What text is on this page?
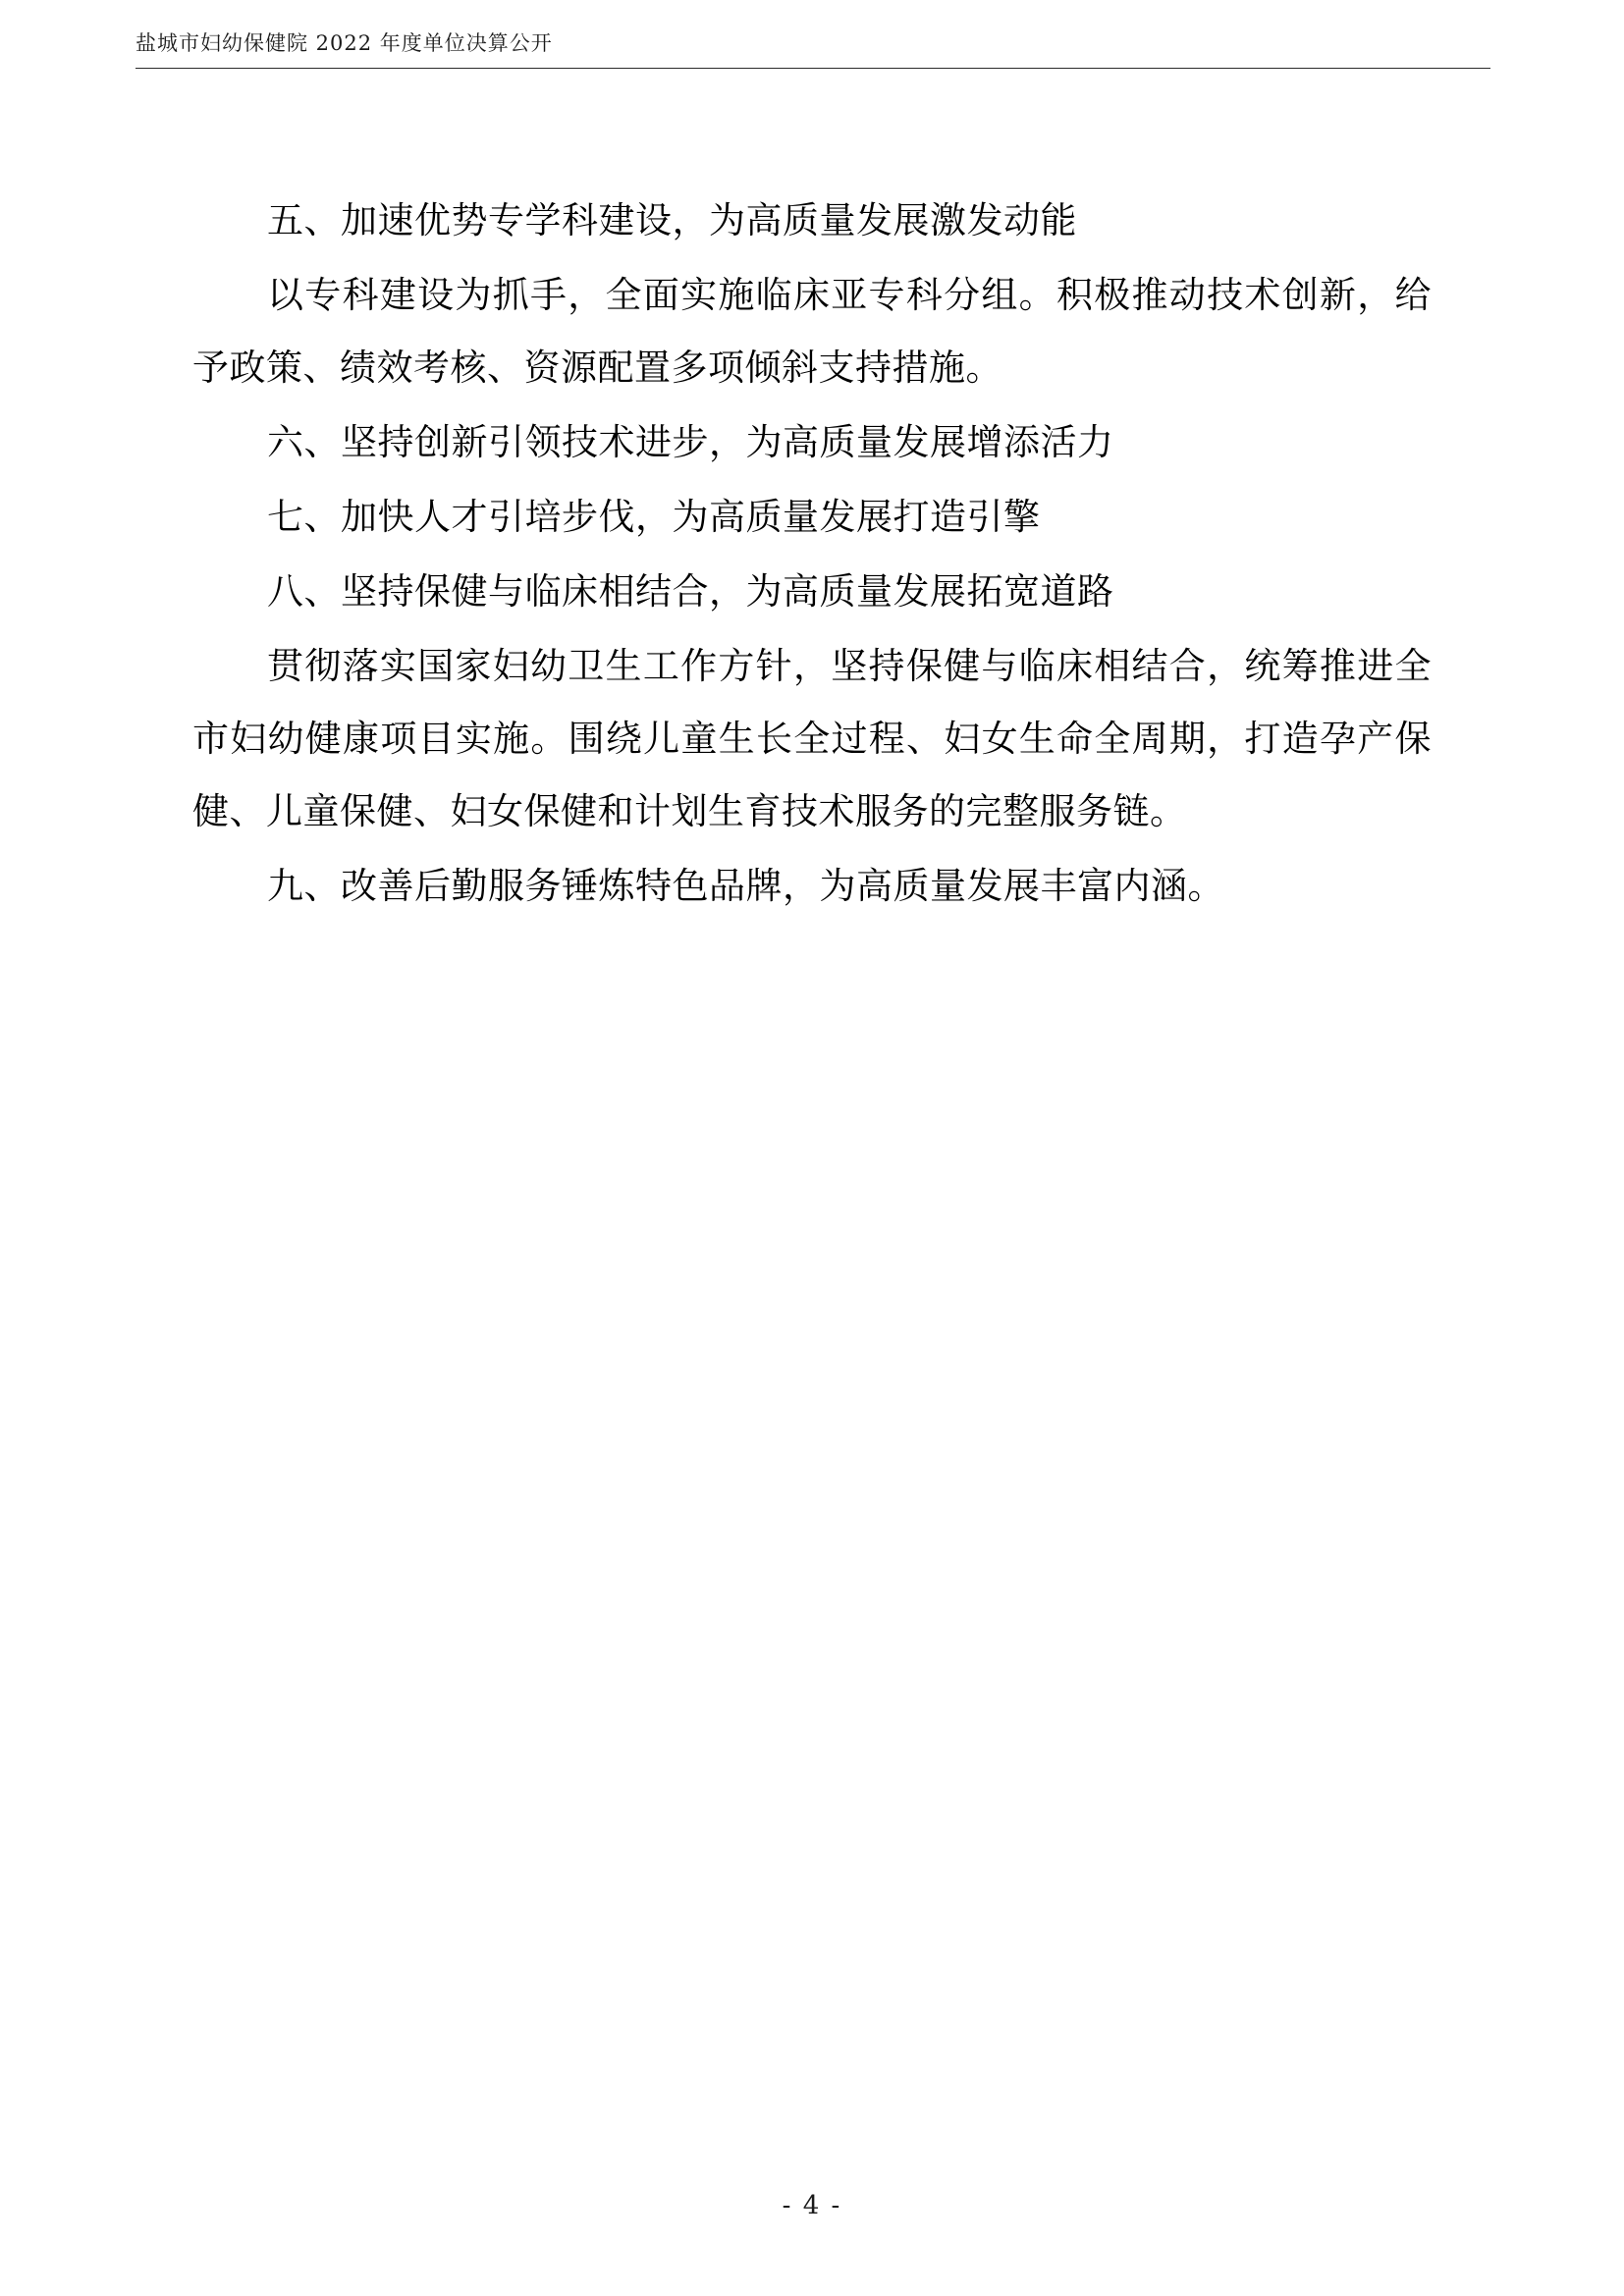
盐城市妇幼保健院 2022 年度单位决算公开

五、加速优势专学科建设，为高质量发展激发动能

以专科建设为抓手，全面实施临床亚专科分组。积极推动技术创新，给予政策、绩效考核、资源配置多项倾斜支持措施。

六、坚持创新引领技术进步，为高质量发展增添活力

七、加快人才引培步伐，为高质量发展打造引擎

八、坚持保健与临床相结合，为高质量发展拓宽道路

贯彻落实国家妇幼卫生工作方针，坚持保健与临床相结合，统筹推进全市妇幼健康项目实施。围绕儿童生长全过程、妇女生命全周期，打造孕产保健、儿童保健、妇女保健和计划生育技术服务的完整服务链。

九、改善后勤服务锤炼特色品牌，为高质量发展丰富内涵。

- 4 -
